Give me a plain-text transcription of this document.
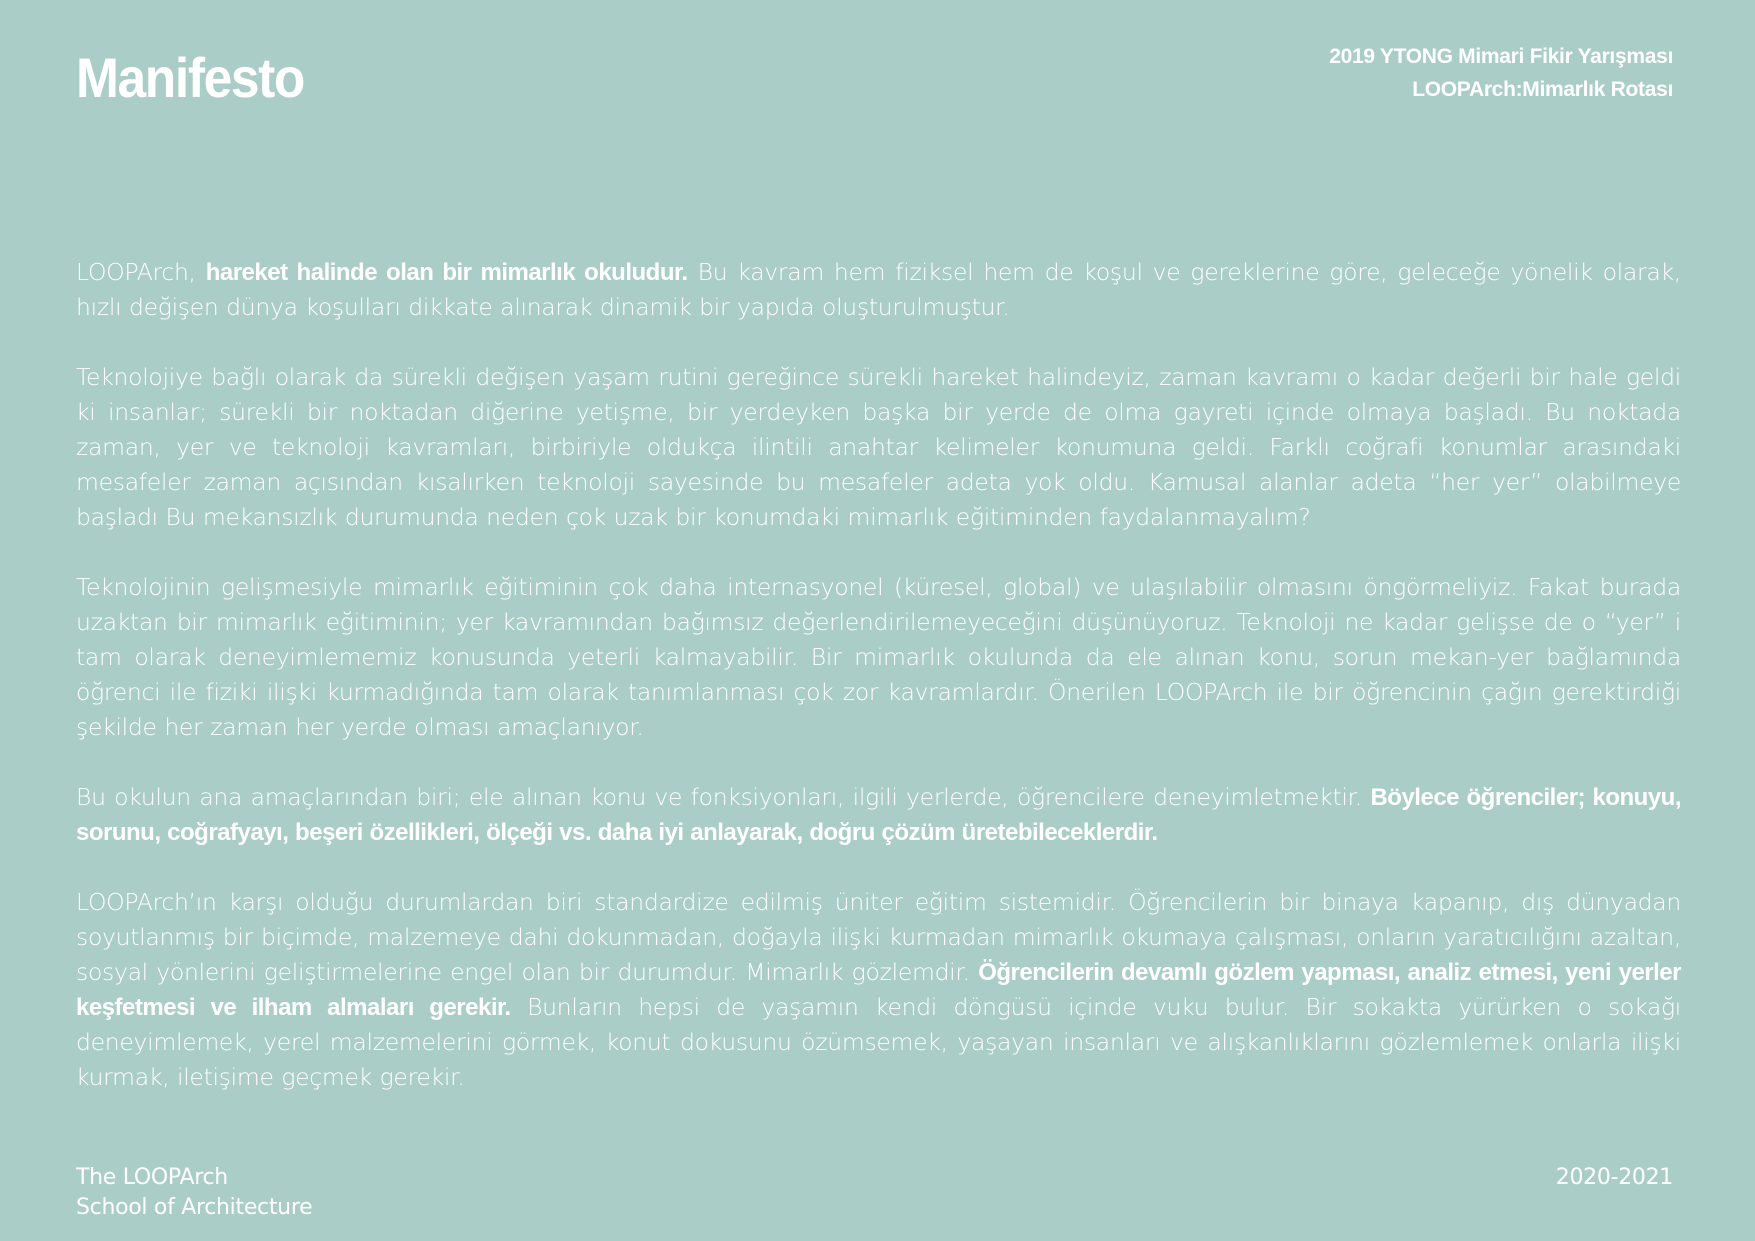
Manifesto	2019 YTONG Mimari Fikir Yarışması
LOOPArch:Mimarlık Rotası

LOOPArch, hareket halinde olan bir mimarlık okuludur. Bu kavram hem fiziksel hem de koşul ve gereklerine göre, geleceğe yönelik olarak, hızlı değişen dünya koşulları dikkate alınarak dinamik bir yapıda oluşturulmuştur.

Teknolojiye bağlı olarak da sürekli değişen yaşam rutini gereğince sürekli hareket halindeyiz, zaman kavramı o kadar değerli bir hale geldi ki insanlar; sürekli bir noktadan diğerine yetişme, bir yerdeyken başka bir yerde de olma gayreti içinde olmaya başladı. Bu noktada zaman, yer ve teknoloji kavramları, birbiriyle oldukça ilintili anahtar kelimeler konumuna geldi. Farklı coğrafi konumlar arasındaki mesafeler zaman açısından kısalırken teknoloji sayesinde bu mesafeler adeta yok oldu. Kamusal alanlar adeta “her yer” olabilmeye başladı Bu mekansızlık durumunda neden çok uzak bir konumdaki mimarlık eğitiminden faydalanmayalım?

Teknolojinin gelişmesiyle mimarlık eğitiminin çok daha internasyonel (küresel, global) ve ulaşılabilir olmasını öngörmeliyiz. Fakat burada uzaktan bir mimarlık eğitiminin; yer kavramından bağımsız değerlendirilemeyeceğini düşünüyoruz. Teknoloji ne kadar gelişse de o “yer” i tam olarak deneyimlememiz konusunda yeterli kalmayabilir. Bir mimarlık okulunda da ele alınan konu, sorun mekan-yer bağlamında öğrenci ile fiziki ilişki kurmadığında tam olarak tanımlanması çok zor kavramlardır. Önerilen LOOPArch ile bir öğrencinin çağın gerektirdiği şekilde her zaman her yerde olması amaçlanıyor.

Bu okulun ana amaçlarından biri; ele alınan konu ve fonksiyonları, ilgili yerlerde, öğrencilere deneyimletmektir. Böylece öğrenciler; konuyu, sorunu, coğrafyayı, beşeri özellikleri, ölçeği vs. daha iyi anlayarak, doğru çözüm üretebileceklerdir.

LOOPArch’ın karşı olduğu durumlardan biri standardize edilmiş üniter eğitim sistemidir. Öğrencilerin bir binaya kapanıp, dış dünyadan soyutlanmış bir biçimde, malzemeye dahi dokunmadan, doğayla ilişki kurmadan mimarlık okumaya çalışması, onların yaratıcılığını azaltan, sosyal yönlerini geliştirmelerine engel olan bir durumdur. Mimarlık gözlemdir. Öğrencilerin devamlı gözlem yapması, analiz etmesi, yeni yerler keşfetmesi ve ilham almaları gerekir. Bunların hepsi de yaşamın kendi döngüsü içinde vuku bulur. Bir sokakta yürürken o sokağı deneyimlemek, yerel malzemelerini görmek, konut dokusunu özümsemek, yaşayan insanları ve alışkanlıklarını gözlemlemek onlarla ilişki kurmak, iletişime geçmek gerekir.

The LOOPArch
School of Architecture
2020-2021
